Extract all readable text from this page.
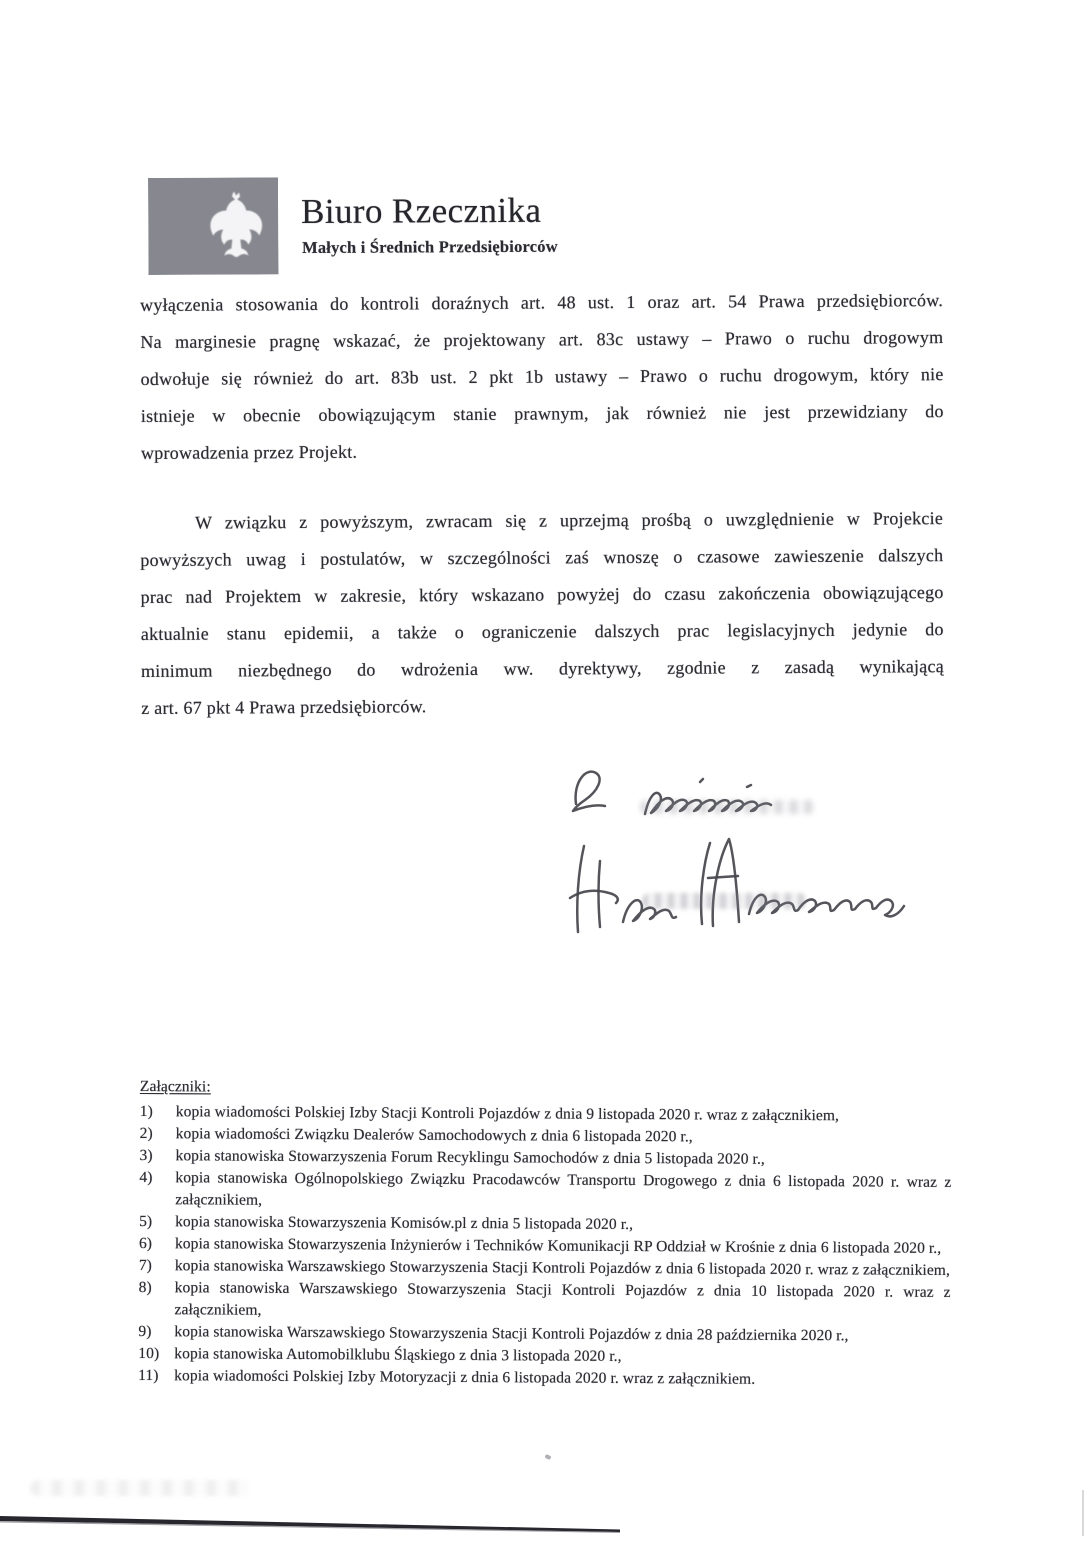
Biuro Rzecznika
Małych i Średnich Przedsiębiorców
wyłączenia stosowania do kontroli doraźnych art. 48 ust. 1 oraz art. 54 Prawa przedsiębiorców.
Na marginesie pragnę wskazać, że projektowany art. 83c ustawy – Prawo o ruchu drogowym
odwołuje się również do art. 83b ust. 2 pkt 1b ustawy – Prawo o ruchu drogowym, który nie
istnieje w obecnie obowiązującym stanie prawnym, jak również nie jest przewidziany do
wprowadzenia przez Projekt.
W związku z powyższym, zwracam się z uprzejmą prośbą o uwzględnienie w Projekcie
powyższych uwag i postulatów, w szczególności zaś wnoszę o czasowe zawieszenie dalszych
prac nad Projektem w zakresie, który wskazano powyżej do czasu zakończenia obowiązującego
aktualnie stanu epidemii, a także o ograniczenie dalszych prac legislacyjnych jedynie do
minimum niezbędnego do wdrożenia ww. dyrektywy, zgodnie z zasadą wynikającą
z art. 67 pkt 4 Prawa przedsiębiorców.
Załączniki:
1)	kopia wiadomości Polskiej Izby Stacji Kontroli Pojazdów z dnia 9 listopada 2020 r. wraz z załącznikiem,
2)	kopia wiadomości Związku Dealerów Samochodowych z dnia 6 listopada 2020 r.,
3)	kopia stanowiska Stowarzyszenia Forum Recyklingu Samochodów z dnia 5 listopada 2020 r.,
4)	kopia stanowiska Ogólnopolskiego Związku Pracodawców Transportu Drogowego z dnia 6 listopada 2020 r. wraz z załącznikiem,
5)	kopia stanowiska Stowarzyszenia Komisów.pl z dnia 5 listopada 2020 r.,
6)	kopia stanowiska Stowarzyszenia Inżynierów i Techników Komunikacji RP Oddział w Krośnie z dnia 6 listopada 2020 r.,
7)	kopia stanowiska Warszawskiego Stowarzyszenia Stacji Kontroli Pojazdów z dnia 6 listopada 2020 r. wraz z załącznikiem,
8)	kopia stanowiska Warszawskiego Stowarzyszenia Stacji Kontroli Pojazdów z dnia 10 listopada 2020 r. wraz z załącznikiem,
9)	kopia stanowiska Warszawskiego Stowarzyszenia Stacji Kontroli Pojazdów z dnia 28 października 2020 r.,
10) kopia stanowiska Automobilklubu Śląskiego z dnia 3 listopada 2020 r.,
11)	kopia wiadomości Polskiej Izby Motoryzacji z dnia 6 listopada 2020 r. wraz z załącznikiem.
